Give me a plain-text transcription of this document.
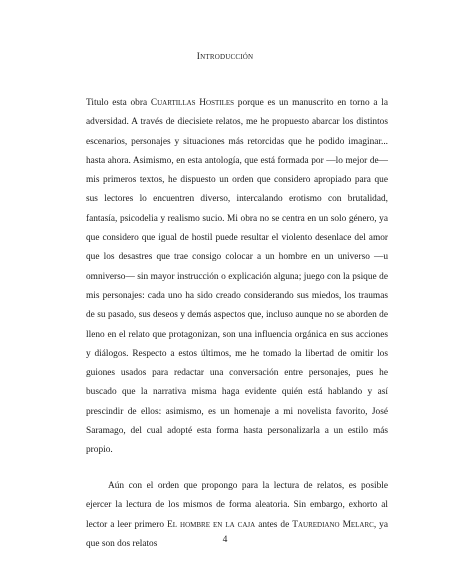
Introducción

Titulo esta obra Cuartillas Hostiles porque es un manuscrito en torno a la adversidad. A través de diecisiete relatos, me he propuesto abarcar los distintos escenarios, personajes y situaciones más retorcidas que he podido imaginar... hasta ahora. Asimismo, en esta antología, que está formada por —lo mejor de— mis primeros textos, he dispuesto un orden que considero apropiado para que sus lectores lo encuentren diverso, intercalando erotismo con brutalidad, fantasía, psicodelia y realismo sucio. Mi obra no se centra en un solo género, ya que considero que igual de hostil puede resultar el violento desenlace del amor que los desastres que trae consigo colocar a un hombre en un universo —u omniverso— sin mayor instrucción o explicación alguna; juego con la psique de mis personajes: cada uno ha sido creado considerando sus miedos, los traumas de su pasado, sus deseos y demás aspectos que, incluso aunque no se aborden de lleno en el relato que protagonizan, son una influencia orgánica en sus acciones y diálogos. Respecto a estos últimos, me he tomado la libertad de omitir los guiones usados para redactar una conversación entre personajes, pues he buscado que la narrativa misma haga evidente quién está hablando y así prescindir de ellos: asimismo, es un homenaje a mi novelista favorito, José Saramago, del cual adopté esta forma hasta personalizarla a un estilo más propio.

Aún con el orden que propongo para la lectura de relatos, es posible ejercer la lectura de los mismos de forma aleatoria. Sin embargo, exhorto al lector a leer primero El hombre en la caja antes de Taurediano Melarc, ya que son dos relatos	4
